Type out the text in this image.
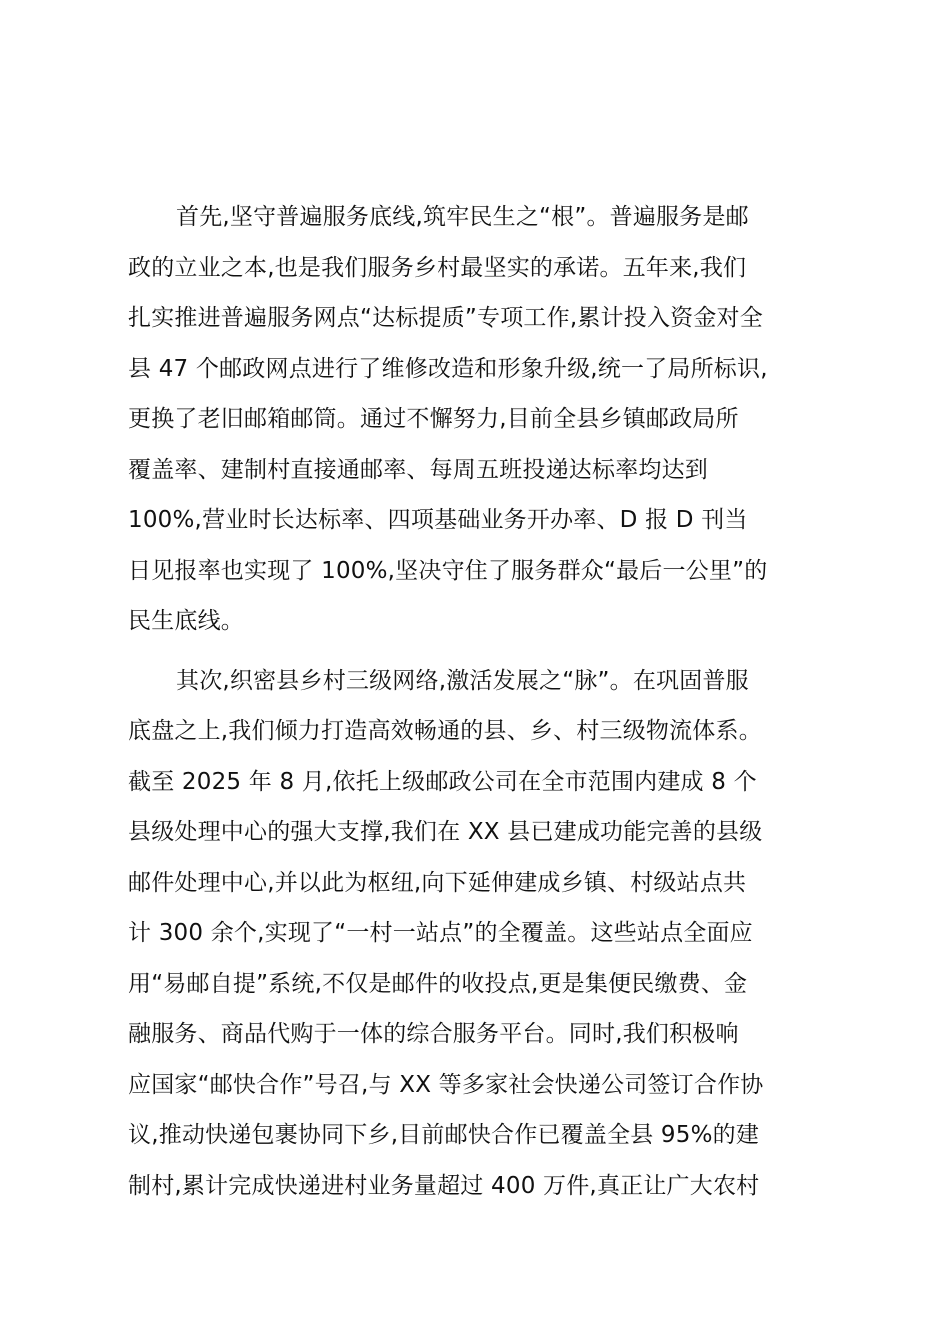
首先,坚守普遍服务底线,筑牢民生之“根”。普遍服务是邮
政的立业之本,也是我们服务乡村最坚实的承诺。五年来,我们
扎实推进普遍服务网点“达标提质”专项工作,累计投入资金对全
县 47 个邮政网点进行了维修改造和形象升级,统一了局所标识,
更换了老旧邮箱邮筒。通过不懈努力,目前全县乡镇邮政局所
覆盖率、建制村直接通邮率、每周五班投递达标率均达到
100%,营业时长达标率、四项基础业务开办率、D 报 D 刊当
日见报率也实现了 100%,坚决守住了服务群众“最后一公里”的
民生底线。

其次,织密县乡村三级网络,激活发展之“脉”。在巩固普服
底盘之上,我们倾力打造高效畅通的县、乡、村三级物流体系。
截至 2025 年 8 月,依托上级邮政公司在全市范围内建成 8 个
县级处理中心的强大支撑,我们在 XX 县已建成功能完善的县级
邮件处理中心,并以此为枢纽,向下延伸建成乡镇、村级站点共
计 300 余个,实现了“一村一站点”的全覆盖。这些站点全面应
用“易邮自提”系统,不仅是邮件的收投点,更是集便民缴费、金
融服务、商品代购于一体的综合服务平台。同时,我们积极响
应国家“邮快合作”号召,与 XX 等多家社会快递公司签订合作协
议,推动快递包裹协同下乡,目前邮快合作已覆盖全县 95%的建
制村,累计完成快递进村业务量超过 400 万件,真正让广大农村
